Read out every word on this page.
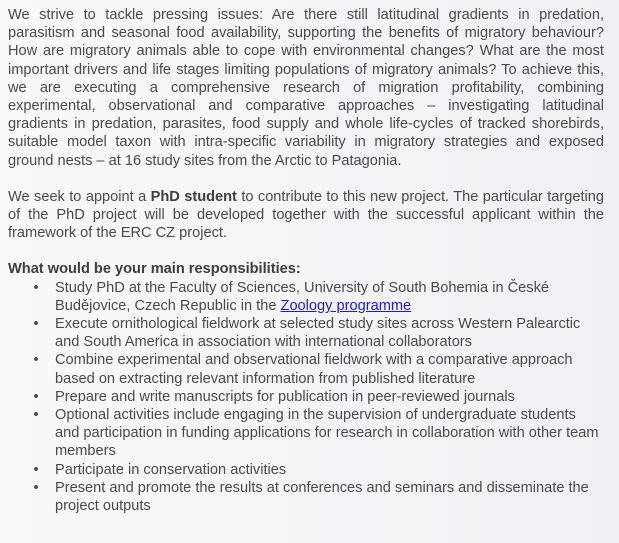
We strive to tackle pressing issues: Are there still latitudinal gradients in predation, parasitism and seasonal food availability, supporting the benefits of migratory behaviour? How are migratory animals able to cope with environmental changes? What are the most important drivers and life stages limiting populations of migratory animals? To achieve this, we are executing a comprehensive research of migration profitability, combining experimental, observational and comparative approaches – investigating latitudinal gradients in predation, parasites, food supply and whole life-cycles of tracked shorebirds, suitable model taxon with intra-specific variability in migratory strategies and exposed ground nests – at 16 study sites from the Arctic to Patagonia.

We seek to appoint a PhD student to contribute to this new project. The particular targeting of the PhD project will be developed together with the successful applicant within the framework of the ERC CZ project.

What would be your main responsibilities:

• Study PhD at the Faculty of Sciences, University of South Bohemia in České Budějovice, Czech Republic in the Zoology programme
• Execute ornithological fieldwork at selected study sites across Western Palearctic and South America in association with international collaborators
• Combine experimental and observational fieldwork with a comparative approach based on extracting relevant information from published literature
• Prepare and write manuscripts for publication in peer-reviewed journals
• Optional activities include engaging in the supervision of undergraduate students and participation in funding applications for research in collaboration with other team members
• Participate in conservation activities
• Present and promote the results at conferences and seminars and disseminate the project outputs
